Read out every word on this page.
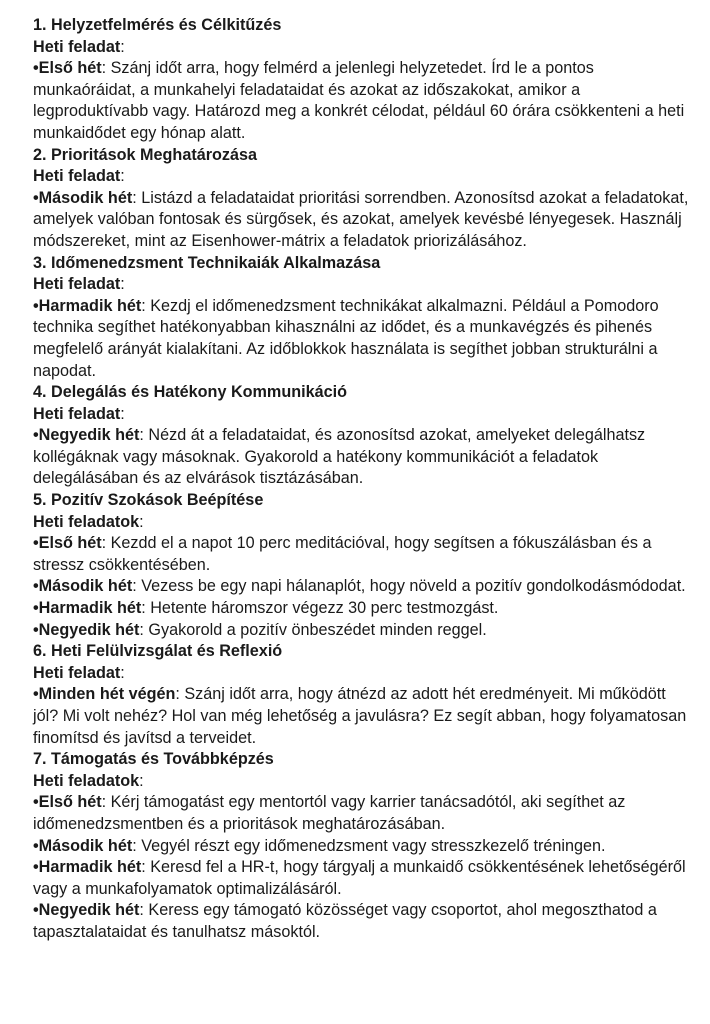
1. Helyzetfelmérés és Célkitűzés
Heti feladat:
•Első hét: Szánj időt arra, hogy felmérd a jelenlegi helyzetedet. Írd le a pontos munkaóráidat, a munkahelyi feladataidat és azokat az időszakokat, amikor a legproduktívabb vagy. Határozd meg a konkrét célodat, például 60 órára csökkenteni a heti munkaidődet egy hónap alatt.
2. Prioritások Meghatározása
Heti feladat:
•Második hét: Listázd a feladataidat prioritási sorrendben. Azonosítsd azokat a feladatokat, amelyek valóban fontosak és sürgősek, és azokat, amelyek kevésbé lényegesek. Használj módszereket, mint az Eisenhower-mátrix a feladatok priorizálásához.
3. Időmenedzsment Technikaiák Alkalmazása
Heti feladat:
•Harmadik hét: Kezdj el időmenedzsment technikákat alkalmazni. Például a Pomodoro technika segíthet hatékonyabban kihasználni az idődet, és a munkavégzés és pihenés megfelelő arányát kialakítani. Az időblokkok használata is segíthet jobban strukturálni a napodat.
4. Delegálás és Hatékony Kommunikáció
Heti feladat:
•Negyedik hét: Nézd át a feladataidat, és azonosítsd azokat, amelyeket delegálhatsz kollégáknak vagy másoknak. Gyakorold a hatékony kommunikációt a feladatok delegálásában és az elvárások tisztázásában.
5. Pozitív Szokások Beépítése
Heti feladatok:
•Első hét: Kezdd el a napot 10 perc meditációval, hogy segítsen a fókuszálásban és a stressz csökkentésében.
•Második hét: Vezess be egy napi hálanaplót, hogy növeld a pozitív gondolkodásmódodat.
•Harmadik hét: Hetente háromszor végezz 30 perc testmozgást.
•Negyedik hét: Gyakorold a pozitív önbeszédet minden reggel.
6. Heti Felülvizsgálat és Reflexió
Heti feladat:
•Minden hét végén: Szánj időt arra, hogy átnézd az adott hét eredményeit. Mi működött jól? Mi volt nehéz? Hol van még lehetőség a javulásra? Ez segít abban, hogy folyamatosan finomítsd és javítsd a terveidet.
7. Támogatás és Továbbképzés
Heti feladatok:
•Első hét: Kérj támogatást egy mentortól vagy karrier tanácsadótól, aki segíthet az időmenedzsmentben és a prioritások meghatározásában.
•Második hét: Vegyél részt egy időmenedzsment vagy stresszkezelő tréningen.
•Harmadik hét: Keresd fel a HR-t, hogy tárgyalj a munkaidő csökkentésének lehetőségéről vagy a munkafolyamatok optimalizálásáról.
•Negyedik hét: Keress egy támogató közösséget vagy csoportot, ahol megoszthatod a tapasztalataidat és tanulhatsz másoktól.
